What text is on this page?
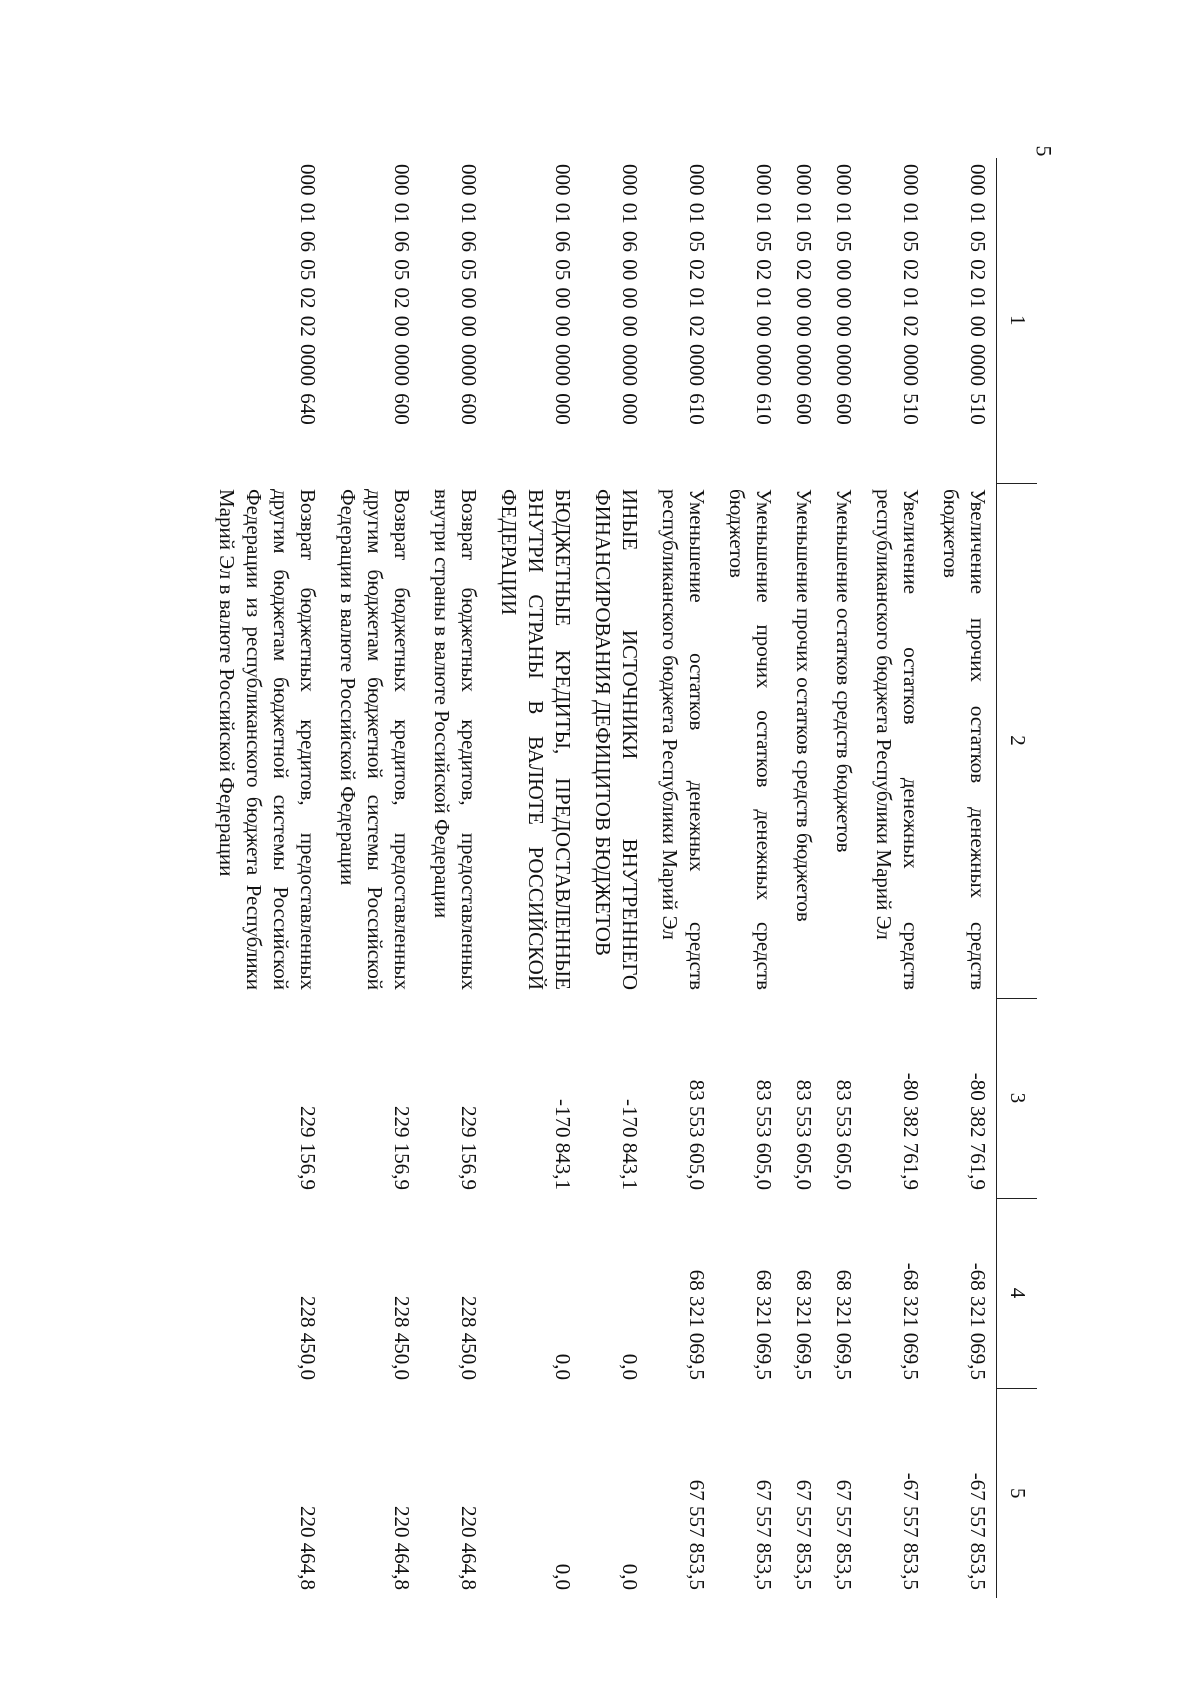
5
1	2	3	4	5
000 01 05 02 01 00 0000 510	Увеличение прочих остатков денежных средств бюджетов	-80 382 761,9	-68 321 069,5	-67 557 853,5
000 01 05 02 01 02 0000 510	Увеличение остатков денежных средств республиканского бюджета Республики Марий Эл	-80 382 761,9	-68 321 069,5	-67 557 853,5
000 01 05 00 00 00 0000 600	Уменьшение остатков средств бюджетов	83 553 605,0	68 321 069,5	67 557 853,5
000 01 05 02 00 00 0000 600	Уменьшение прочих остатков средств бюджетов	83 553 605,0	68 321 069,5	67 557 853,5
000 01 05 02 01 00 0000 610	Уменьшение прочих остатков денежных средств бюджетов	83 553 605,0	68 321 069,5	67 557 853,5
000 01 05 02 01 02 0000 610	Уменьшение остатков денежных средств республиканского бюджета Республики Марий Эл	83 553 605,0	68 321 069,5	67 557 853,5
000 01 06 00 00 00 0000 000	ИНЫЕ ИСТОЧНИКИ ВНУТРЕННЕГО ФИНАНСИРОВАНИЯ ДЕФИЦИТОВ БЮДЖЕТОВ	-170 843,1	0,0	0,0
000 01 06 05 00 00 0000 000	БЮДЖЕТНЫЕ КРЕДИТЫ, ПРЕДОСТАВЛЕННЫЕ ВНУТРИ СТРАНЫ В ВАЛЮТЕ РОССИЙСКОЙ ФЕДЕРАЦИИ	-170 843,1	0,0	0,0
000 01 06 05 00 00 0000 600	Возврат бюджетных кредитов, предоставленных внутри страны в валюте Российской Федерации	229 156,9	228 450,0	220 464,8
000 01 06 05 02 00 0000 600	Возврат бюджетных кредитов, предоставленных другим бюджетам бюджетной системы Российской Федерации в валюте Российской Федерации	229 156,9	228 450,0	220 464,8
000 01 06 05 02 02 0000 640	Возврат бюджетных кредитов, предоставленных другим бюджетам бюджетной системы Российской Федерации из республиканского бюджета Республики Марий Эл в валюте Российской Федерации	229 156,9	228 450,0	220 464,8
